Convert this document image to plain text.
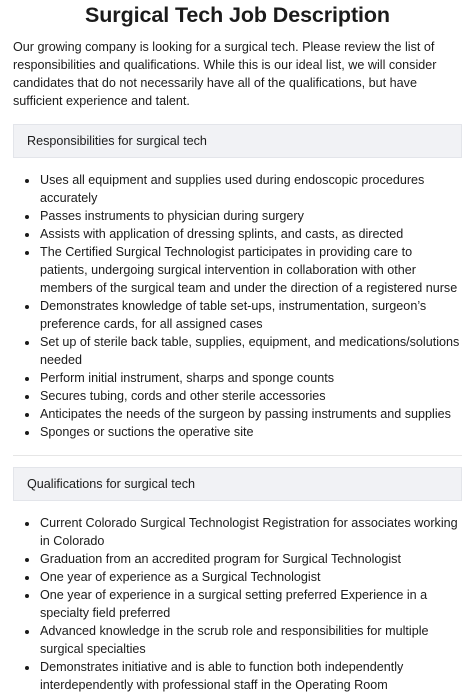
Surgical Tech Job Description

Our growing company is looking for a surgical tech. Please review the list of responsibilities and qualifications. While this is our ideal list, we will consider candidates that do not necessarily have all of the qualifications, but have sufficient experience and talent.

Responsibilities for surgical tech
• Uses all equipment and supplies used during endoscopic procedures accurately
• Passes instruments to physician during surgery
• Assists with application of dressing splints, and casts, as directed
• The Certified Surgical Technologist participates in providing care to patients, undergoing surgical intervention in collaboration with other members of the surgical team and under the direction of a registered nurse
• Demonstrates knowledge of table set-ups, instrumentation, surgeon’s preference cards, for all assigned cases
• Set up of sterile back table, supplies, equipment, and medications/solutions needed
• Perform initial instrument, sharps and sponge counts
• Secures tubing, cords and other sterile accessories
• Anticipates the needs of the surgeon by passing instruments and supplies
• Sponges or suctions the operative site
Qualifications for surgical tech
• Current Colorado Surgical Technologist Registration for associates working in Colorado
• Graduation from an accredited program for Surgical Technologist
• One year of experience as a Surgical Technologist
• One year of experience in a surgical setting preferred Experience in a specialty field preferred
• Advanced knowledge in the scrub role and responsibilities for multiple surgical specialties
• Demonstrates initiative and is able to function both independently interdependently with professional staff in the Operating Room
